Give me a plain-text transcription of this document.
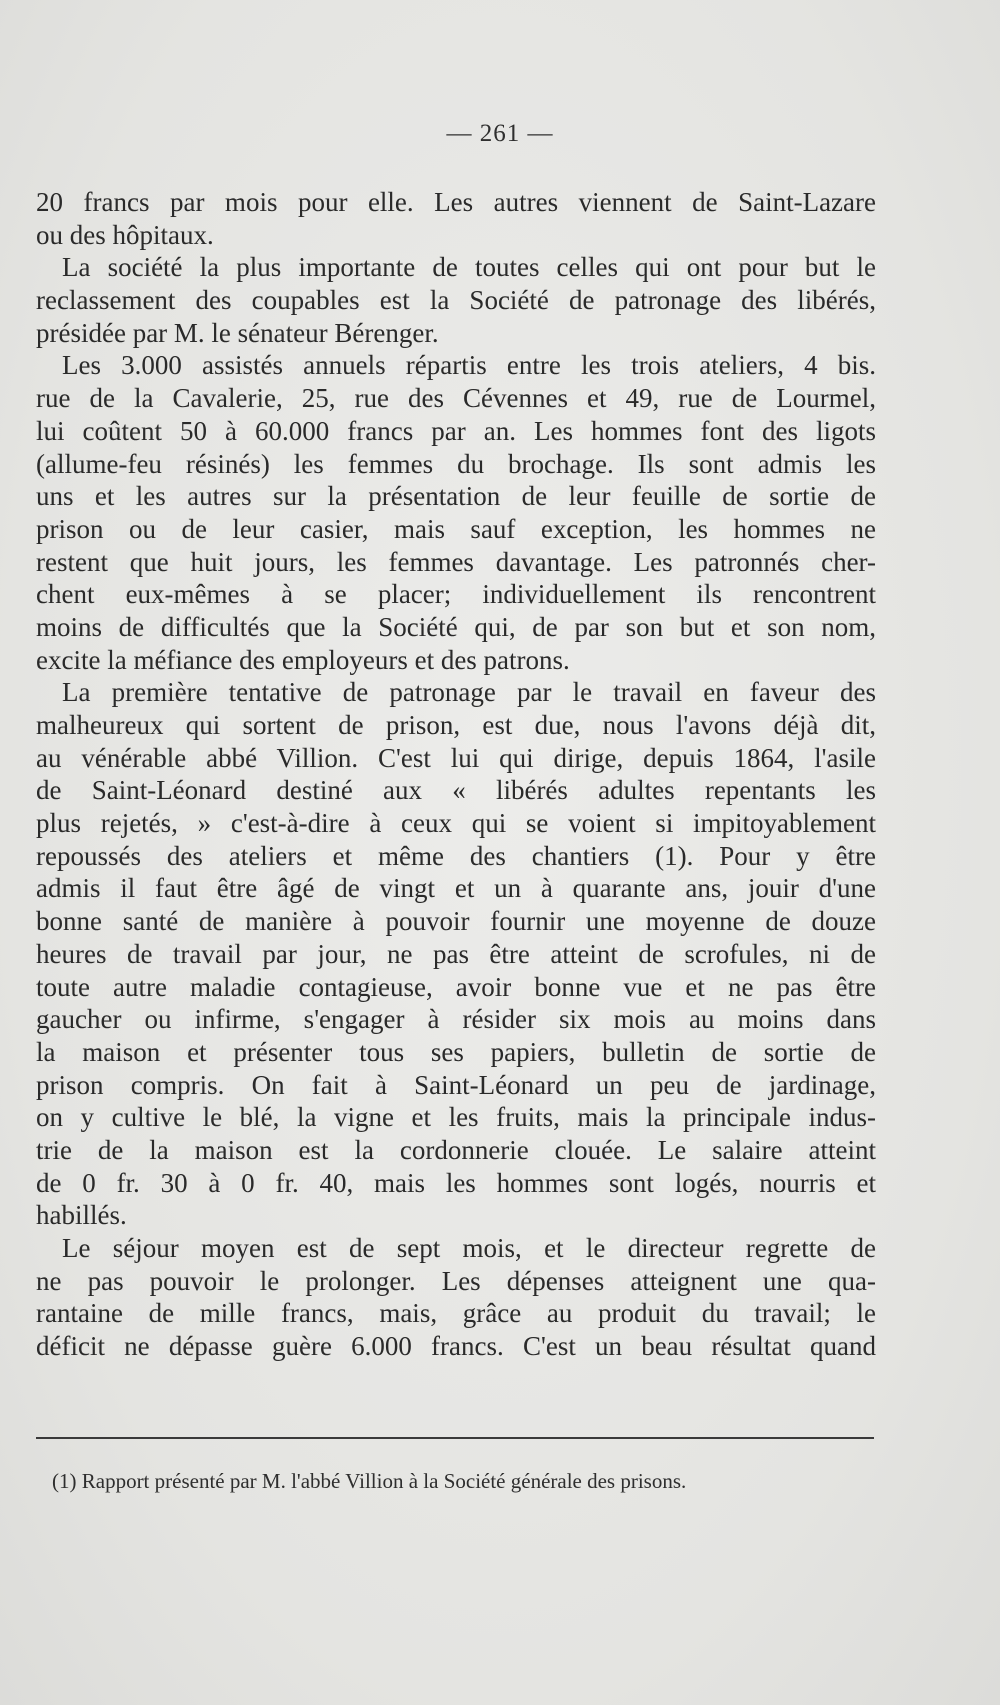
— 261 —
20 francs par mois pour elle. Les autres viennent de Saint-Lazare
ou des hôpitaux.
La société la plus importante de toutes celles qui ont pour but le
reclassement des coupables est la Société de patronage des libérés,
présidée par M. le sénateur Bérenger.
Les 3.000 assistés annuels répartis entre les trois ateliers, 4 bis.
rue de la Cavalerie, 25, rue des Cévennes et 49, rue de Lourmel,
lui coûtent 50 à 60.000 francs par an. Les hommes font des ligots
(allume-feu résinés) les femmes du brochage. Ils sont admis les
uns et les autres sur la présentation de leur feuille de sortie de
prison ou de leur casier, mais sauf exception, les hommes ne
restent que huit jours, les femmes davantage. Les patronnés cher-
chent eux-mêmes à se placer; individuellement ils rencontrent
moins de difficultés que la Société qui, de par son but et son nom,
excite la méfiance des employeurs et des patrons.
La première tentative de patronage par le travail en faveur des
malheureux qui sortent de prison, est due, nous l'avons déjà dit,
au vénérable abbé Villion. C'est lui qui dirige, depuis 1864, l'asile
de Saint-Léonard destiné aux « libérés adultes repentants les
plus rejetés, » c'est-à-dire à ceux qui se voient si impitoyablement
repoussés des ateliers et même des chantiers (1). Pour y être
admis il faut être âgé de vingt et un à quarante ans, jouir d'une
bonne santé de manière à pouvoir fournir une moyenne de douze
heures de travail par jour, ne pas être atteint de scrofules, ni de
toute autre maladie contagieuse, avoir bonne vue et ne pas être
gaucher ou infirme, s'engager à résider six mois au moins dans
la maison et présenter tous ses papiers, bulletin de sortie de
prison compris. On fait à Saint-Léonard un peu de jardinage,
on y cultive le blé, la vigne et les fruits, mais la principale indus-
trie de la maison est la cordonnerie clouée. Le salaire atteint
de 0 fr. 30 à 0 fr. 40, mais les hommes sont logés, nourris et
habillés.
Le séjour moyen est de sept mois, et le directeur regrette de
ne pas pouvoir le prolonger. Les dépenses atteignent une qua-
rantaine de mille francs, mais, grâce au produit du travail; le
déficit ne dépasse guère 6.000 francs. C'est un beau résultat quand
(1) Rapport présenté par M. l'abbé Villion à la Société générale des prisons.
